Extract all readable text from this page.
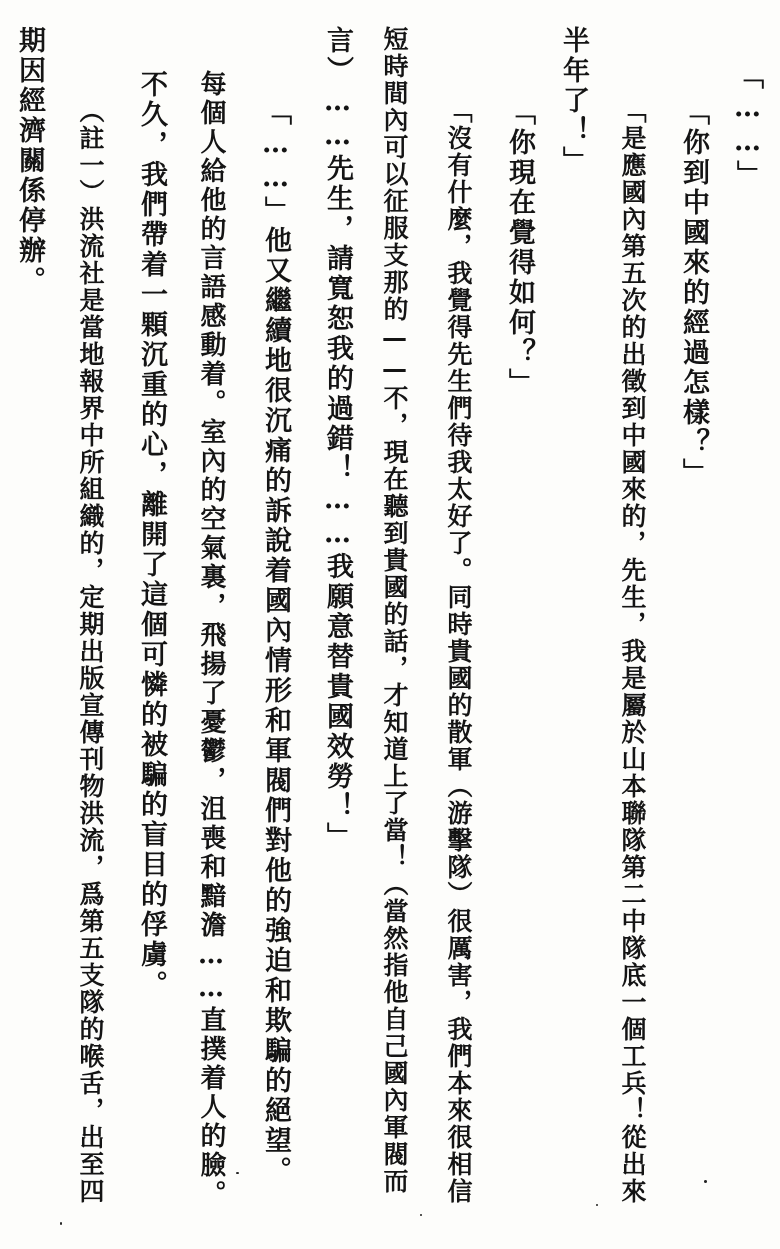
「……」
「你到中國來的經過怎樣？」
「是應國內第五次的出徵到中國來的，先生，我是屬於山本聯隊第二中隊底一個工兵！從出來
半年了！」
「你現在覺得如何？」
「沒有什麼，我覺得先生們待我太好了。同時貴國的散軍（游擊隊）很厲害，我們本來很相信
短時間內可以征服支那的——不，現在聽到貴國的話，才知道上了當！（當然指他自己國內軍閥而
言）……先生，請寬恕我的過錯！……我願意替貴國效勞！」
「……」他又繼續地很沉痛的訴說着國內情形和軍閥們對他的強迫和欺騙的絕望。
每個人給他的言語感動着。室內的空氣裏，飛揚了憂鬱，沮喪和黯澹……直撲着人的臉。
不久，我們帶着一顆沉重的心，離開了這個可憐的被騙的盲目的俘虜。
（註一）洪流社是當地報界中所組織的，定期出版宣傳刊物洪流，爲第五支隊的喉舌，出至四
期因經濟關係停辦。
